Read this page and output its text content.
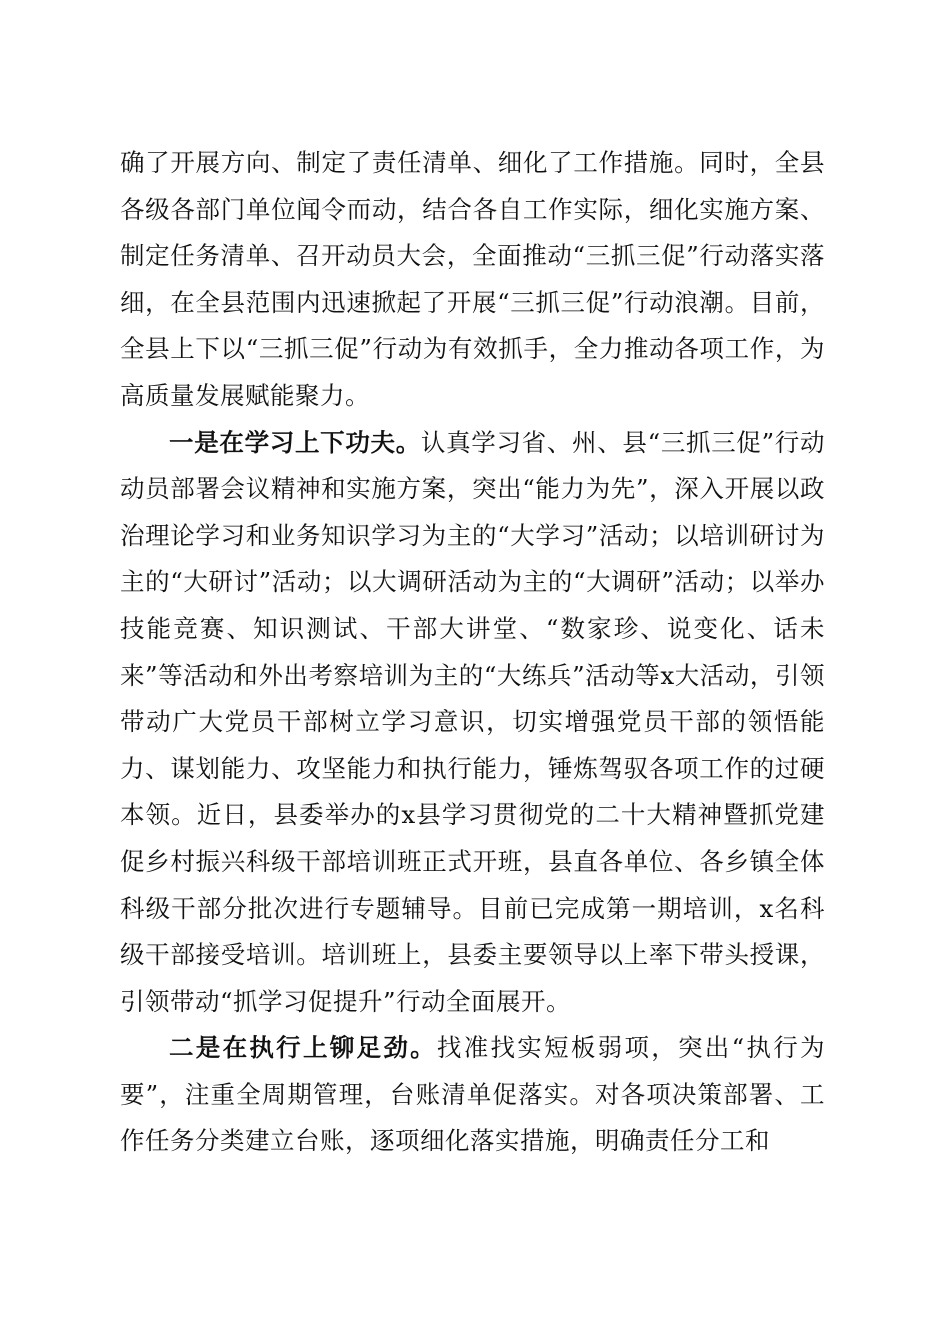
确了开展方向、制定了责任清单、细化了工作措施。同时，全县各级各部门单位闻令而动，结合各自工作实际，细化实施方案、制定任务清单、召开动员大会，全面推动“三抓三促”行动落实落细，在全县范围内迅速掀起了开展“三抓三促”行动浪潮。目前，全县上下以“三抓三促”行动为有效抓手，全力推动各项工作，为高质量发展赋能聚力。

一是在学习上下功夫。认真学习省、州、县“三抓三促”行动动员部署会议精神和实施方案，突出“能力为先”，深入开展以政治理论学习和业务知识学习为主的“大学习”活动；以培训研讨为主的“大研讨”活动；以大调研活动为主的“大调研”活动；以举办技能竞赛、知识测试、干部大讲堂、“数家珍、说变化、话未来”等活动和外出考察培训为主的“大练兵”活动等x大活动，引领带动广大党员干部树立学习意识，切实增强党员干部的领悟能力、谋划能力、攻坚能力和执行能力，锤炼驾驭各项工作的过硬本领。近日，县委举办的x县学习贯彻党的二十大精神暨抓党建促乡村振兴科级干部培训班正式开班，县直各单位、各乡镇全体科级干部分批次进行专题辅导。目前已完成第一期培训，x名科级干部接受培训。培训班上，县委主要领导以上率下带头授课，引领带动“抓学习促提升”行动全面展开。

二是在执行上铆足劲。找准找实短板弱项，突出“执行为要”，注重全周期管理，台账清单促落实。对各项决策部署、工作任务分类建立台账，逐项细化落实措施，明确责任分工和
